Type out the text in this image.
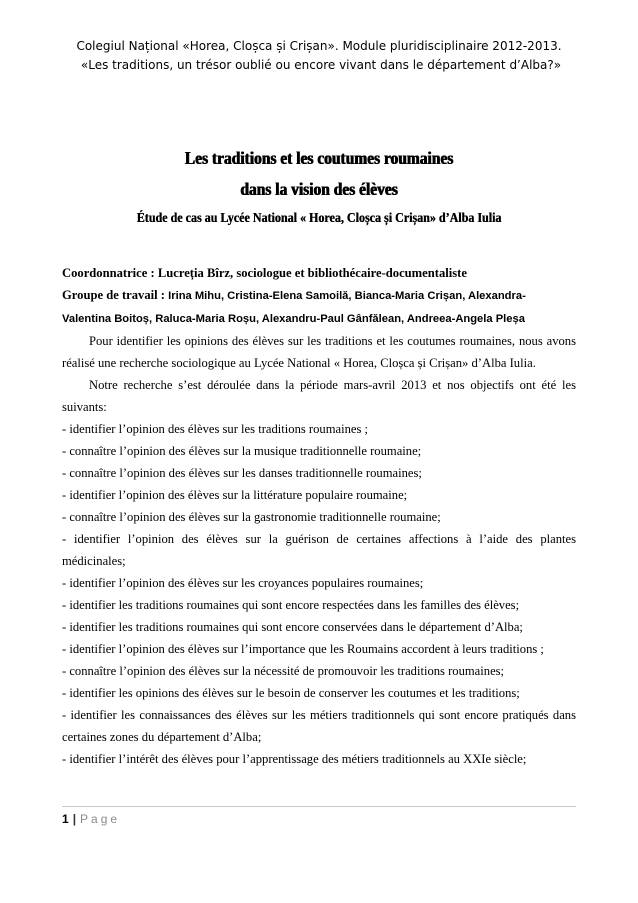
Colegiul Național «Horea, Cloșca și Crișan». Module pluridisciplinaire 2012-2013.
«Les traditions, un trésor oublié ou encore vivant dans le département d’Alba?»
Les traditions et les coutumes roumaines
dans la vision des élèves
Étude de cas au Lycée National « Horea, Cloșca și Crișan» d’Alba Iulia

Coordonnatrice : Lucreția Bîrz, sociologue et bibliothécaire-documentaliste

Groupe de travail : Irina Mihu, Cristina-Elena Samoilă, Bianca-Maria Crișan, Alexandra-

Valentina Boitoș, Raluca-Maria Roșu, Alexandru-Paul Gânfălean, Andreea-Angela Pleșa

Pour identifier les opinions des élèves sur les traditions et les coutumes roumaines, nous avons réalisé une recherche sociologique au Lycée National « Horea, Cloșca și Crișan» d’Alba Iulia.

Notre recherche s’est déroulée dans la période mars-avril 2013 et nos objectifs ont été les suivants:

- identifier l’opinion des élèves sur les traditions roumaines ;

- connaître l’opinion des élèves sur la musique traditionnelle roumaine;

- connaître l’opinion des élèves sur les danses traditionnelle roumaines;

- identifier l’opinion des élèves sur la littérature populaire roumaine;

- connaître l’opinion des élèves sur la gastronomie traditionnelle roumaine;

- identifier l’opinion des élèves sur la guérison de certaines affections à l’aide des plantes médicinales;

- identifier l’opinion des élèves sur les croyances populaires roumaines;

- identifier les traditions roumaines qui sont encore respectées dans les familles des élèves;

- identifier les traditions roumaines qui sont encore conservées dans le département d’Alba;

- identifier l’opinion des élèves sur l’importance que les Roumains accordent à leurs traditions ;

- connaître l’opinion des élèves sur la nécessité de promouvoir les traditions roumaines;

- identifier les opinions des élèves sur le besoin de conserver les coutumes et les traditions;

- identifier les connaissances des élèves sur les métiers traditionnels qui sont encore pratiqués dans certaines zones du département d’Alba;

- identifier l’intérêt des élèves pour l’apprentissage des métiers traditionnels au XXIe siècle;

1 | Page
